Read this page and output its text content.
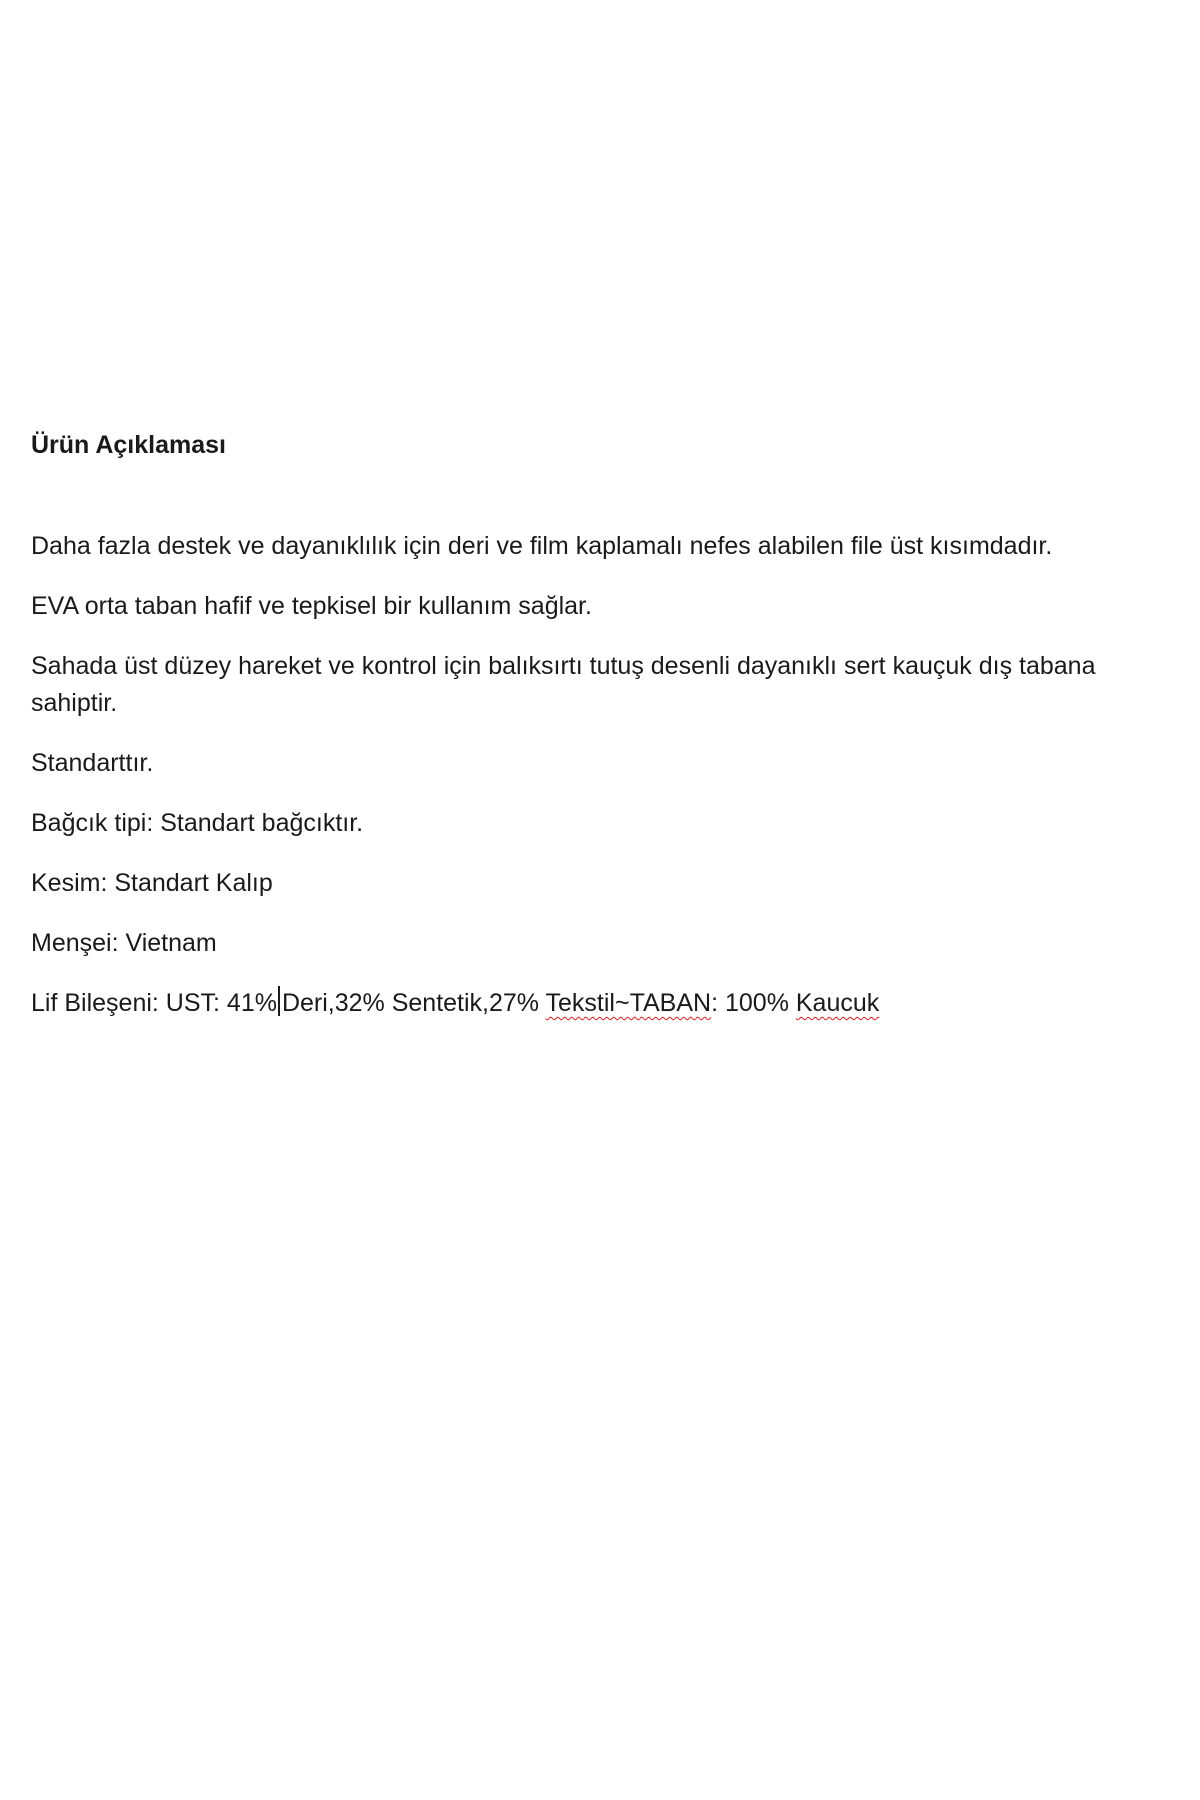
Ürün Açıklaması

Daha fazla destek ve dayanıklılık için deri ve film kaplamalı nefes alabilen file üst kısımdadır.

EVA orta taban hafif ve tepkisel bir kullanım sağlar.

Sahada üst düzey hareket ve kontrol için balıksırtı tutuş desenli dayanıklı sert kauçuk dış tabana sahiptir.

Standarttır.

Bağcık tipi: Standart bağcıktır.

Kesim: Standart Kalıp

Menşei: Vietnam

Lif Bileşeni: UST: 41% Deri,32% Sentetik,27% Tekstil~TABAN: 100% Kaucuk
